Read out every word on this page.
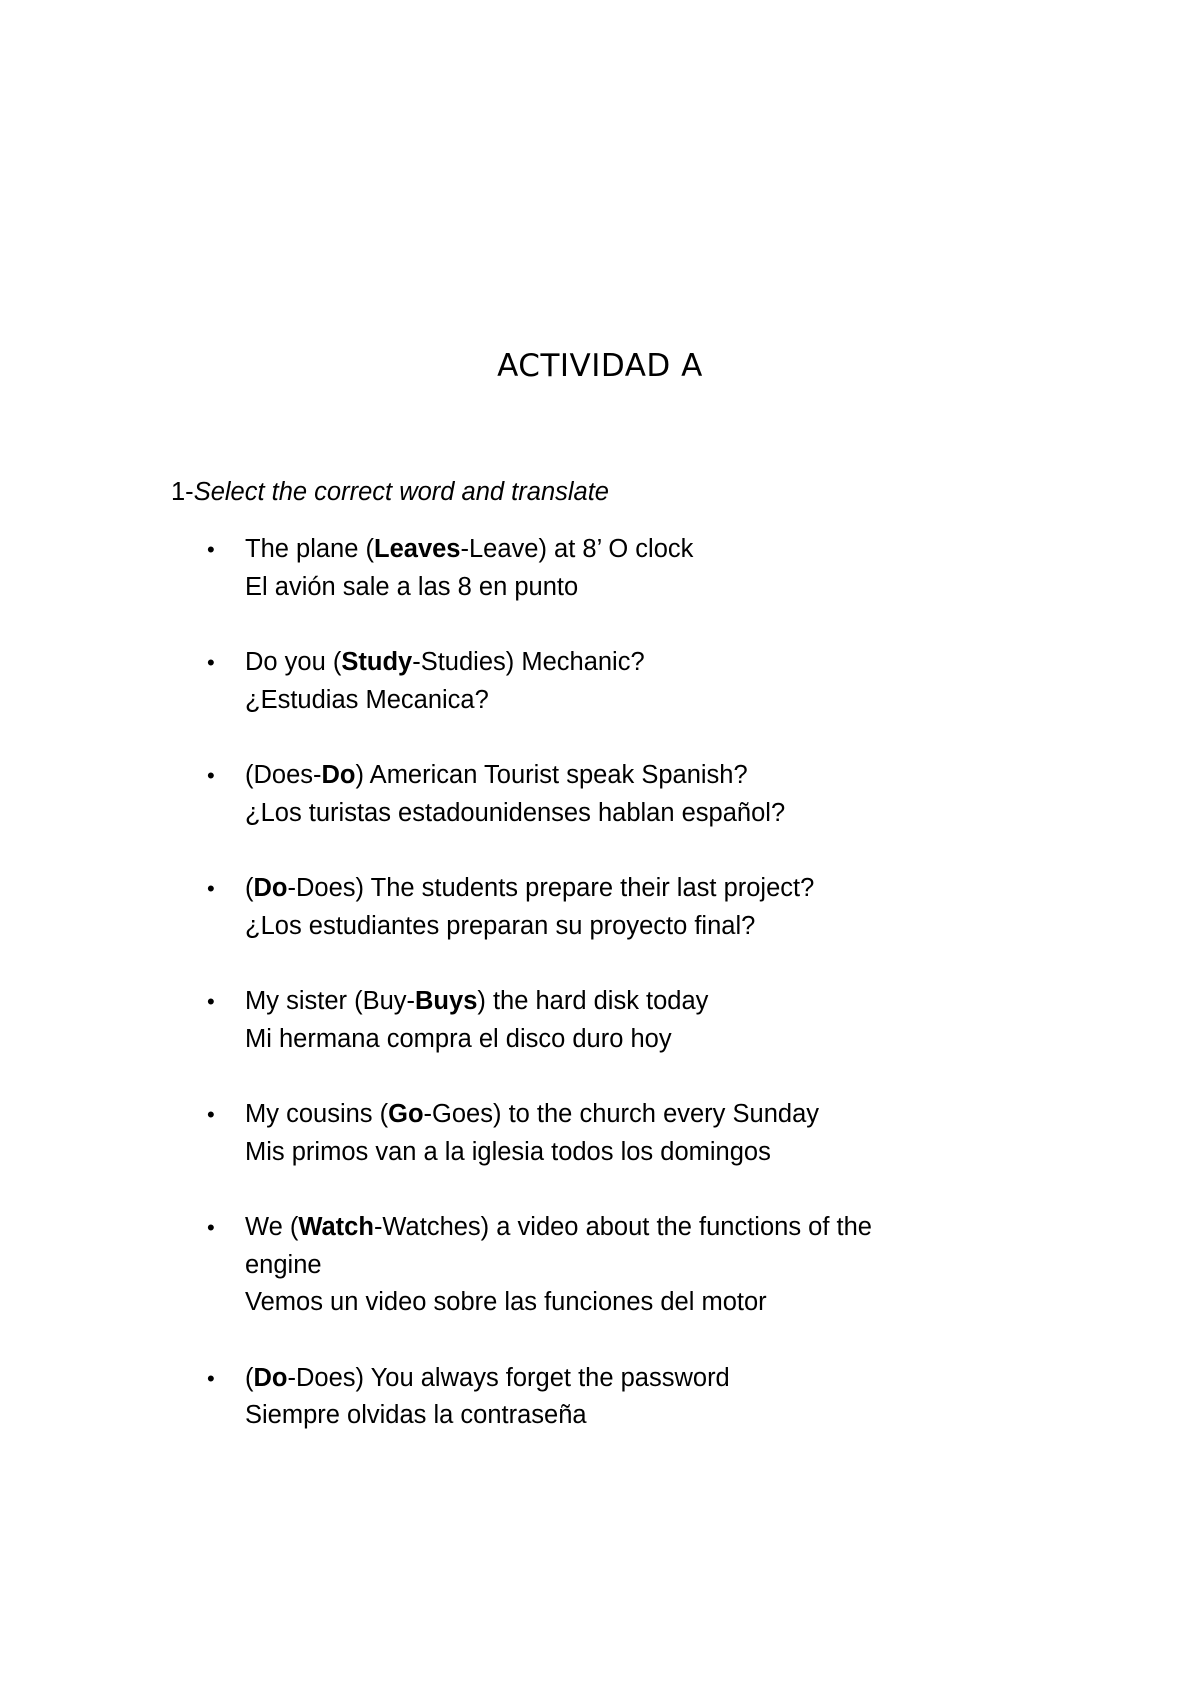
ACTIVIDAD A
1-Select the correct word and translate
• The plane (Leaves-Leave) at 8’ O clock
El avión sale a las 8 en punto
• Do you (Study-Studies) Mechanic?
¿Estudias Mecanica?
• (Does-Do) American Tourist speak Spanish?
¿Los turistas estadounidenses hablan español?
• (Do-Does) The students prepare their last project?
¿Los estudiantes preparan su proyecto final?
• My sister (Buy-Buys) the hard disk today
Mi hermana compra el disco duro hoy
• My cousins (Go-Goes) to the church every Sunday
Mis primos van a la iglesia todos los domingos
• We (Watch-Watches) a video about the functions of the
engine
Vemos un video sobre las funciones del motor
• (Do-Does) You always forget the password
Siempre olvidas la contraseña
